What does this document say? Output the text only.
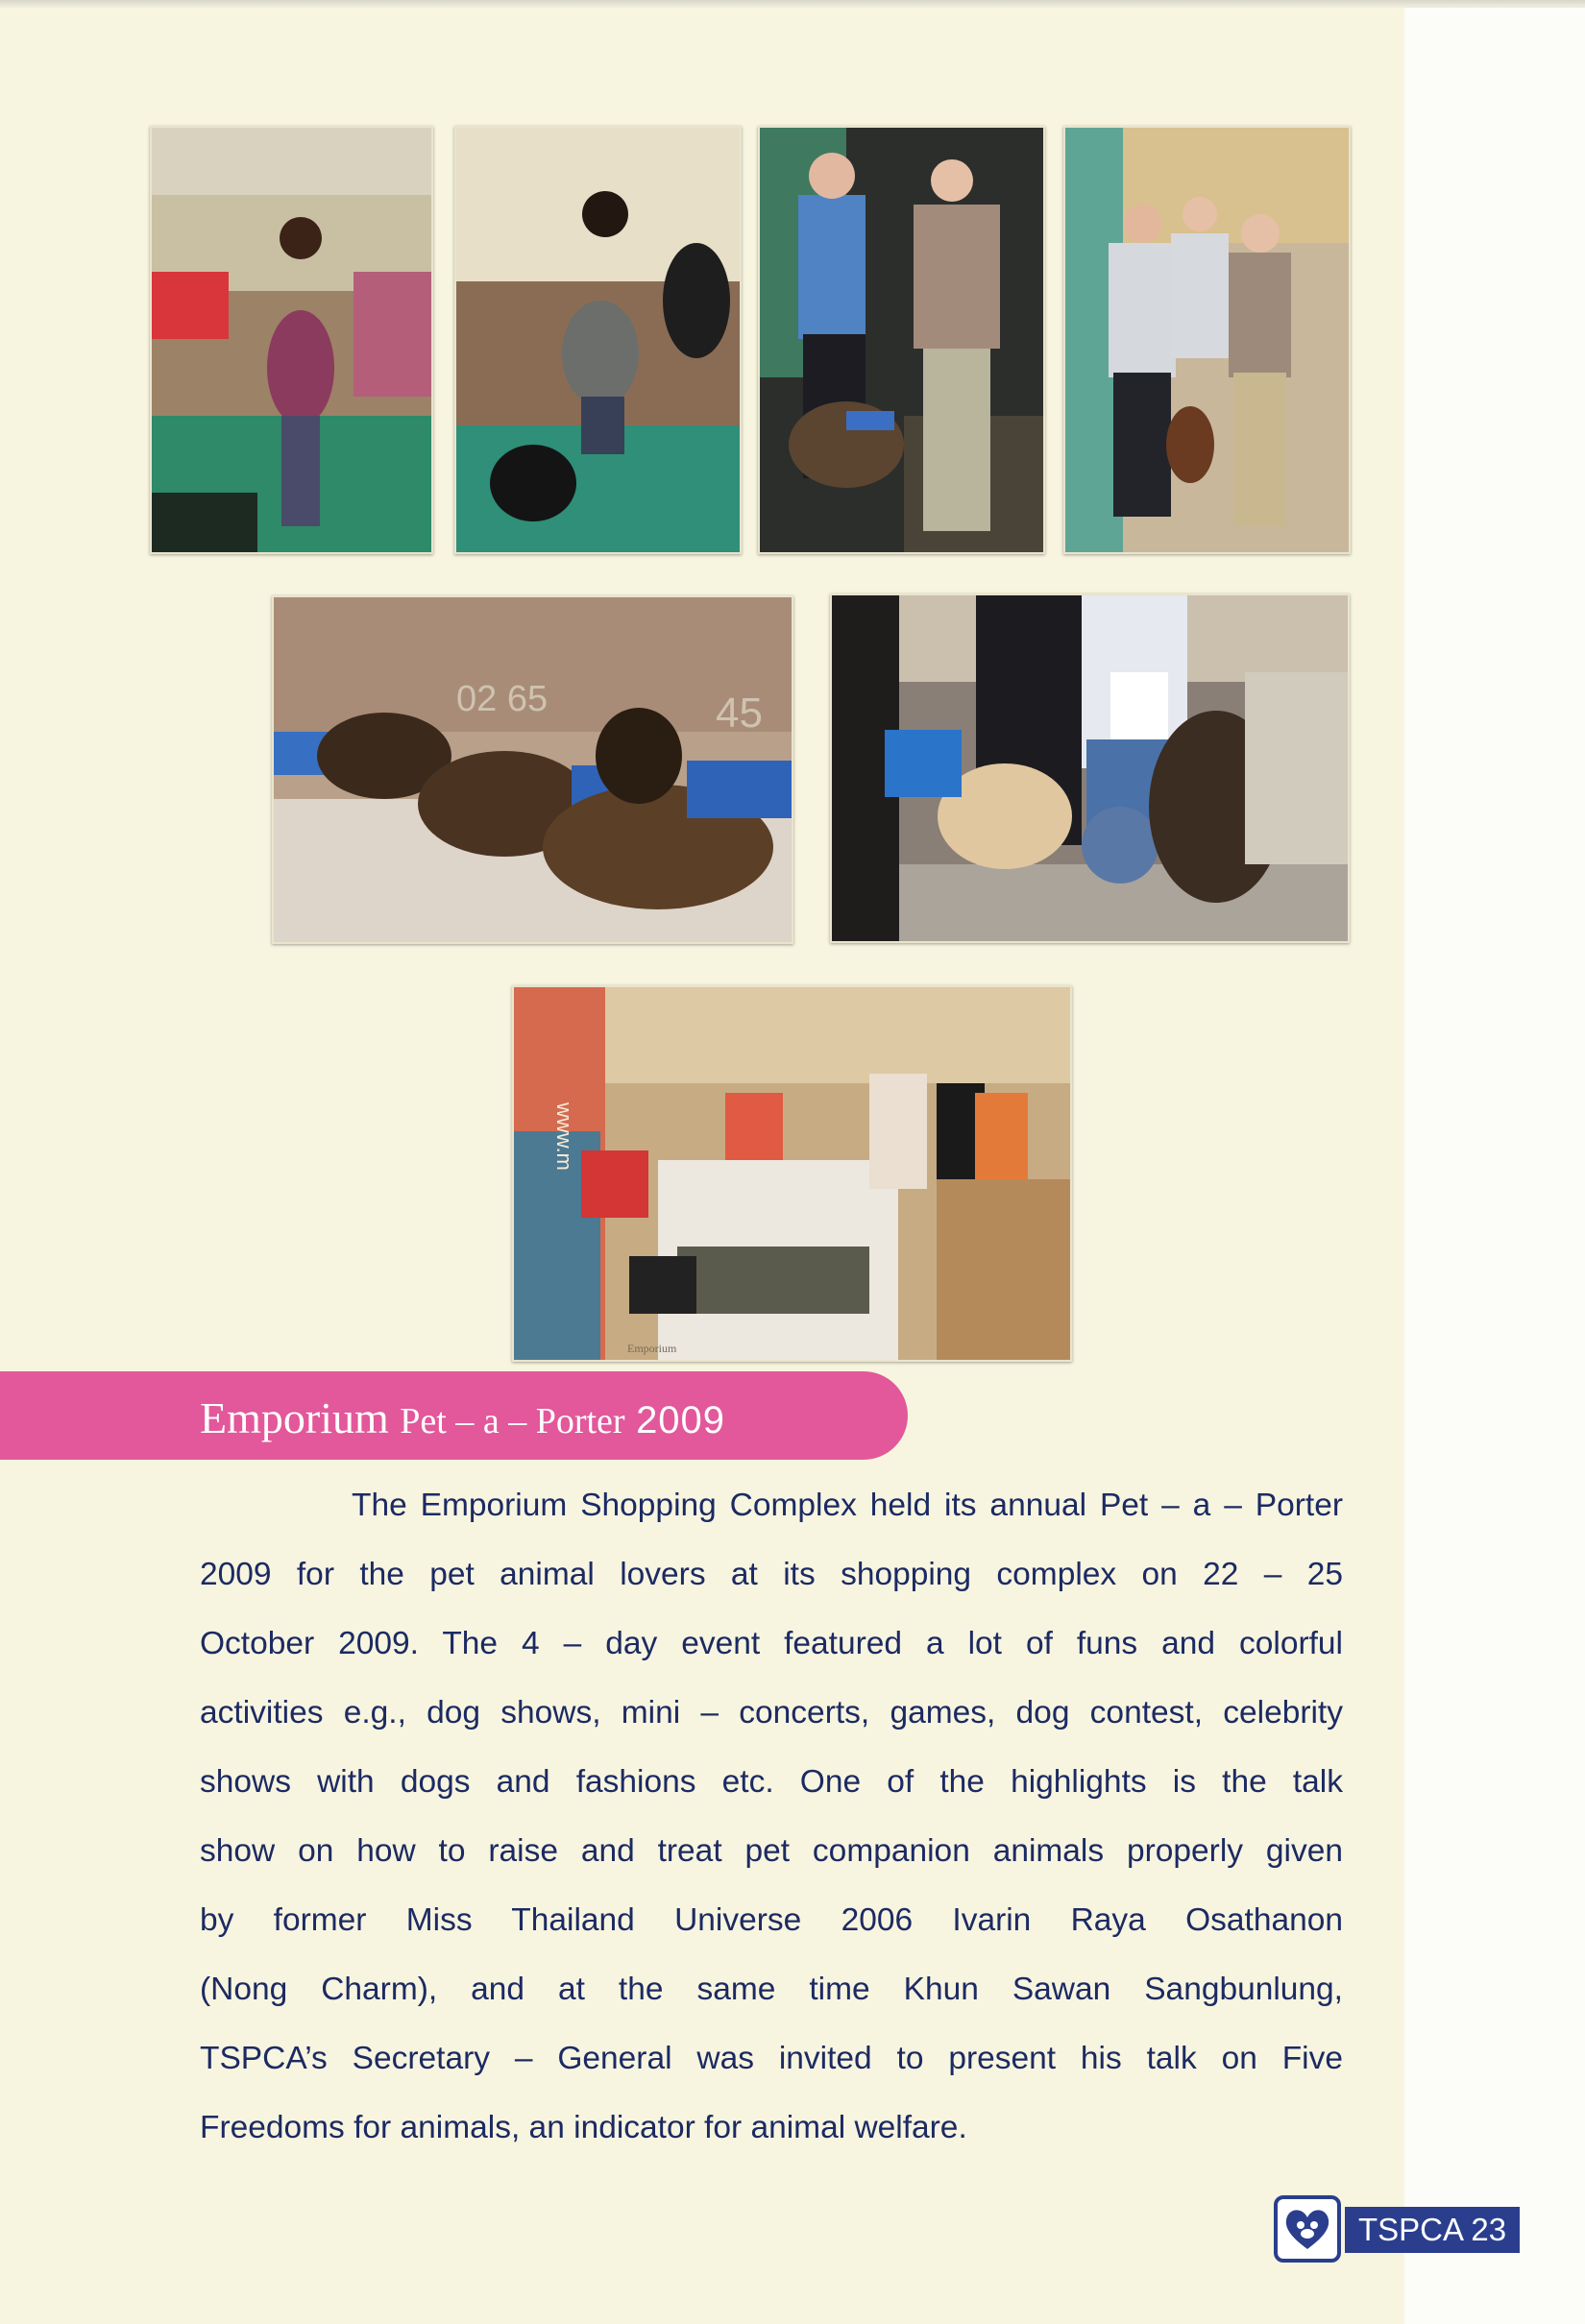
02 65	45
www.m
Emporium
Emporium Pet – a – Porter 2009

The Emporium Shopping Complex held its annual Pet – a – Porter
2009 for the pet animal lovers at its shopping complex on 22 – 25
October 2009. The 4 – day event featured a lot of funs and colorful
activities e.g., dog shows, mini – concerts, games, dog contest, celebrity
shows with dogs and fashions etc. One of the highlights is the talk
show on how to raise and treat pet companion animals properly given
by former Miss Thailand Universe 2006 Ivarin Raya Osathanon
(Nong Charm), and at the same time Khun Sawan Sangbunlung,
TSPCA’s Secretary – General was invited to present his talk on Five
Freedoms for animals, an indicator for animal welfare.

TSPCA 23
